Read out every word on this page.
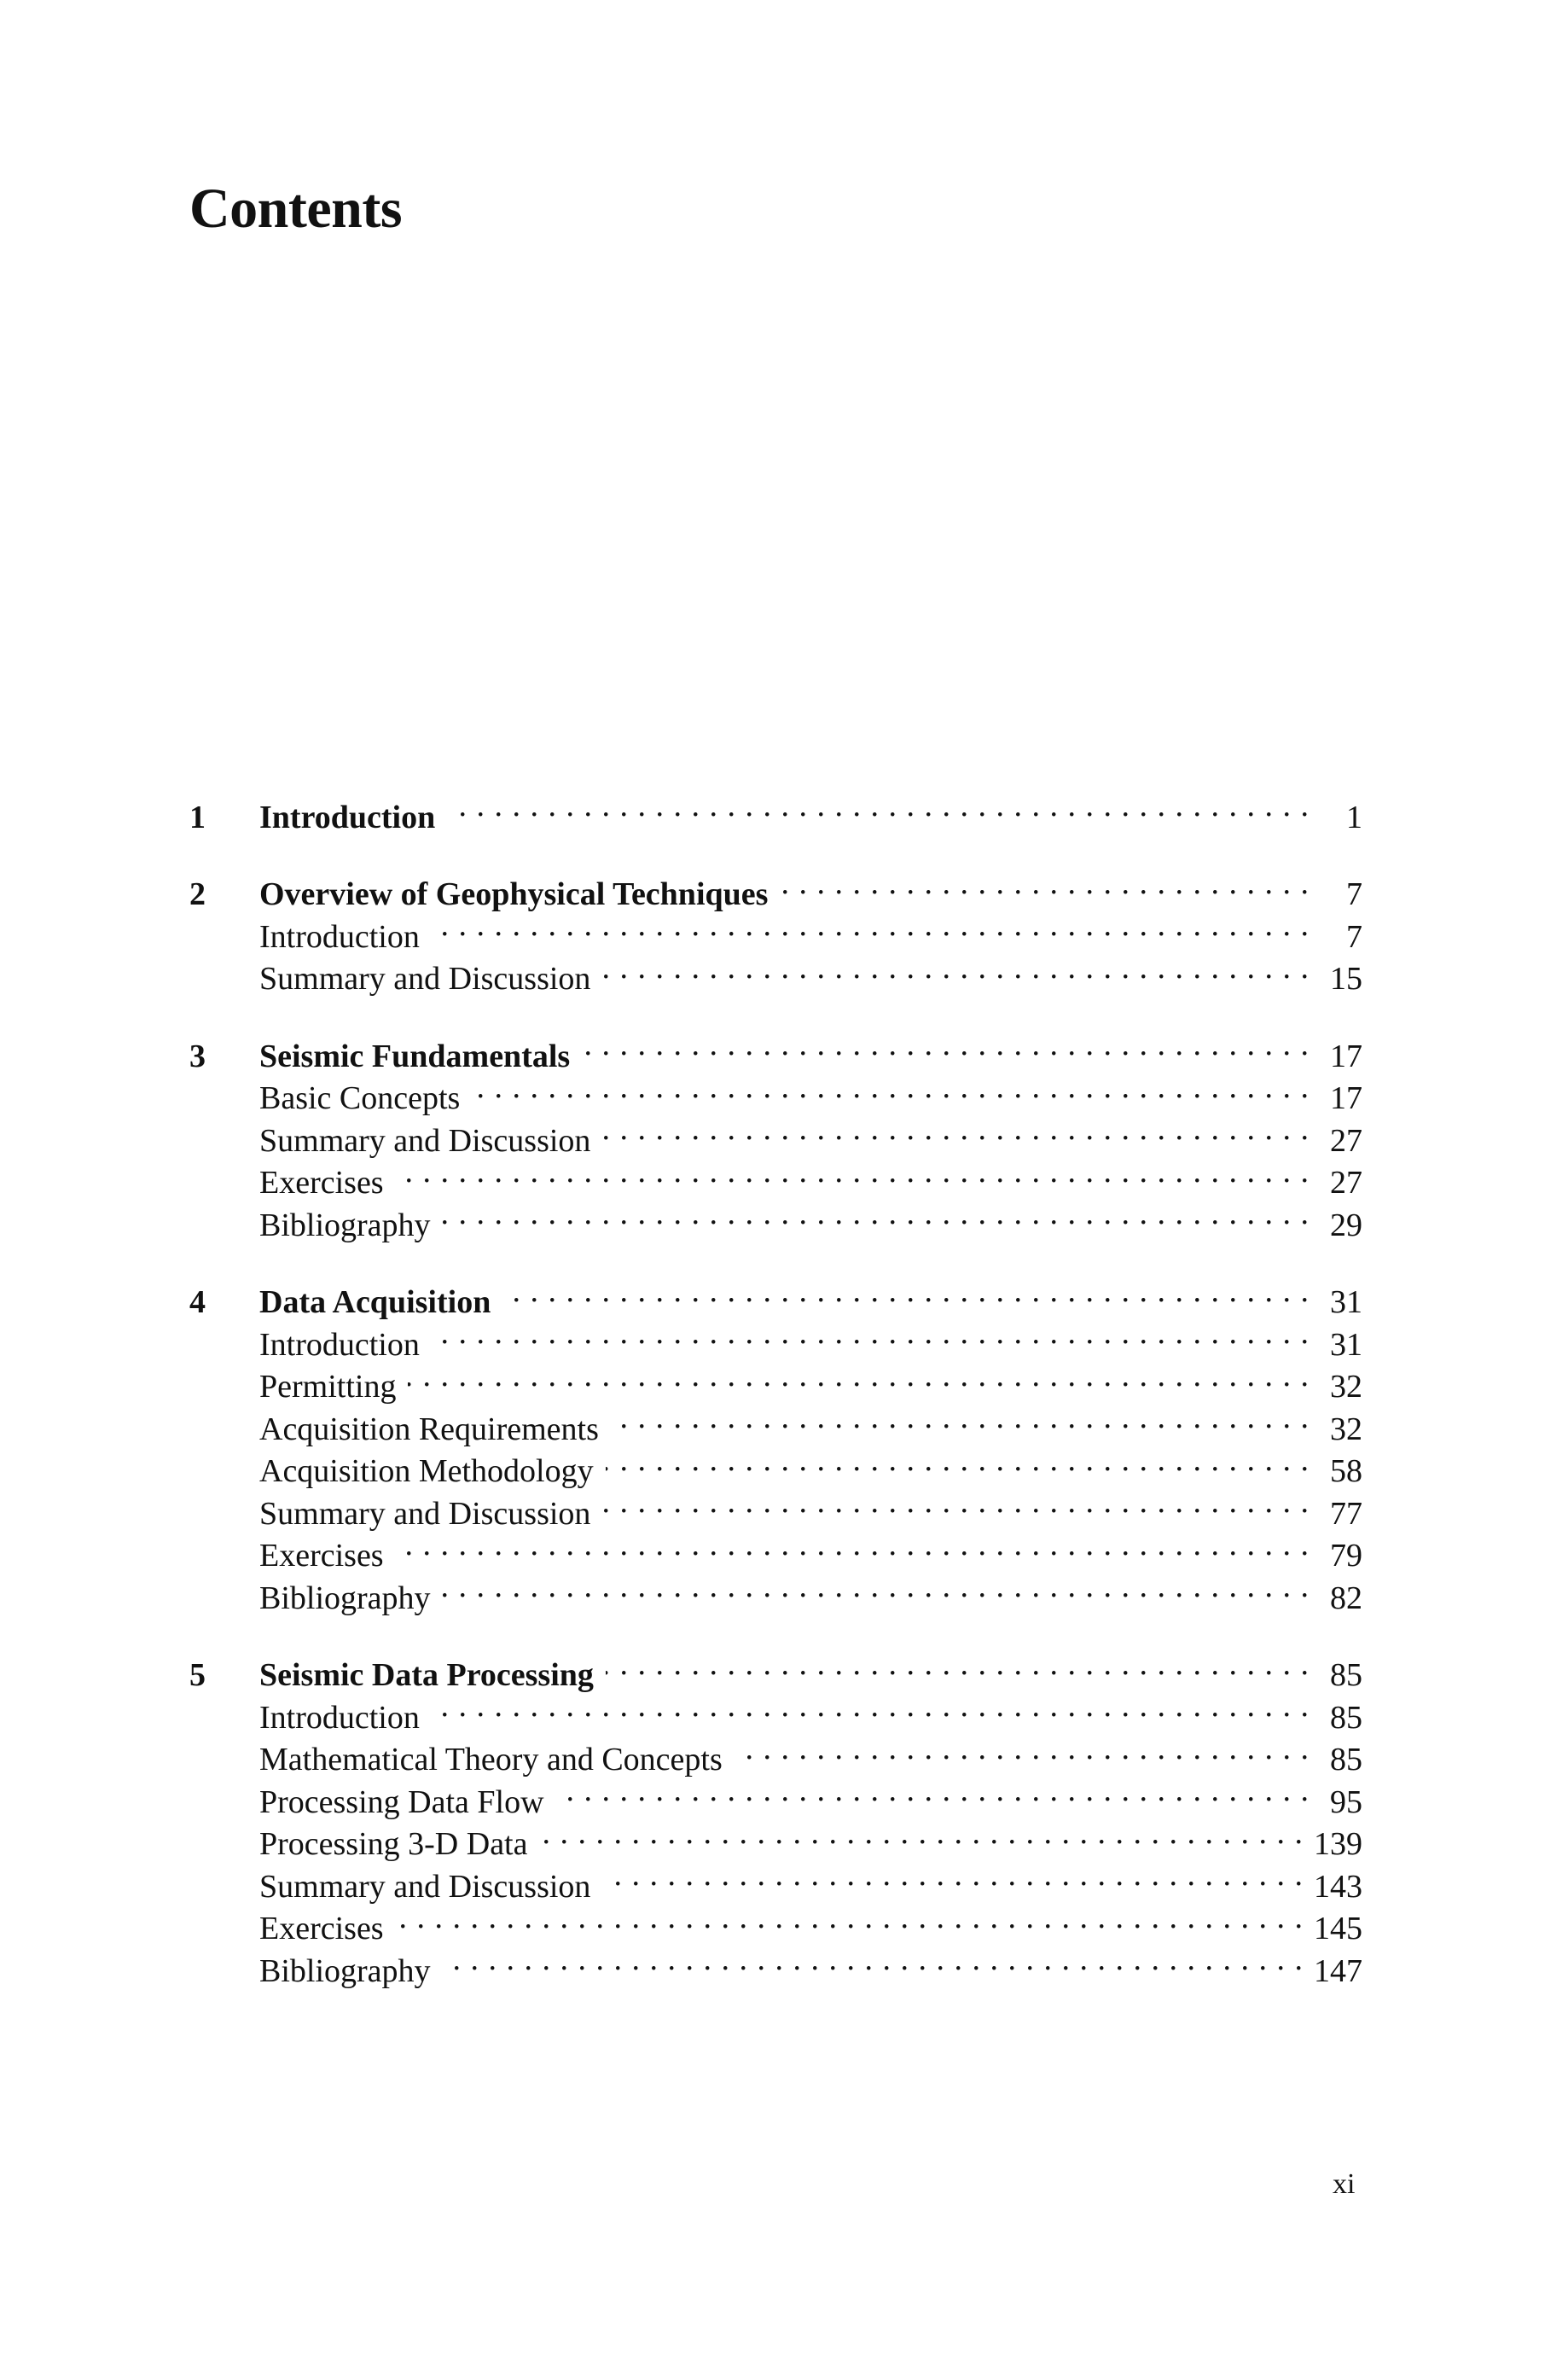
Contents
1	Introduction . . .	1
2	Overview of Geophysical Techniques . . .	7
Introduction . . .	7
Summary and Discussion . . .	15
3	Seismic Fundamentals . . .	17
Basic Concepts . . .	17
Summary and Discussion . . .	27
Exercises . . .	27
Bibliography . . .	29
4	Data Acquisition . . .	31
Introduction . . .	31
Permitting . . .	32
Acquisition Requirements . . .	32
Acquisition Methodology . . .	58
Summary and Discussion . . .	77
Exercises . . .	79
Bibliography . . .	82
5	Seismic Data Processing . . .	85
Introduction . . .	85
Mathematical Theory and Concepts . . .	85
Processing Data Flow . . .	95
Processing 3-D Data . . .	139
Summary and Discussion . . .	143
Exercises . . .	145
Bibliography . . .	147
xi
